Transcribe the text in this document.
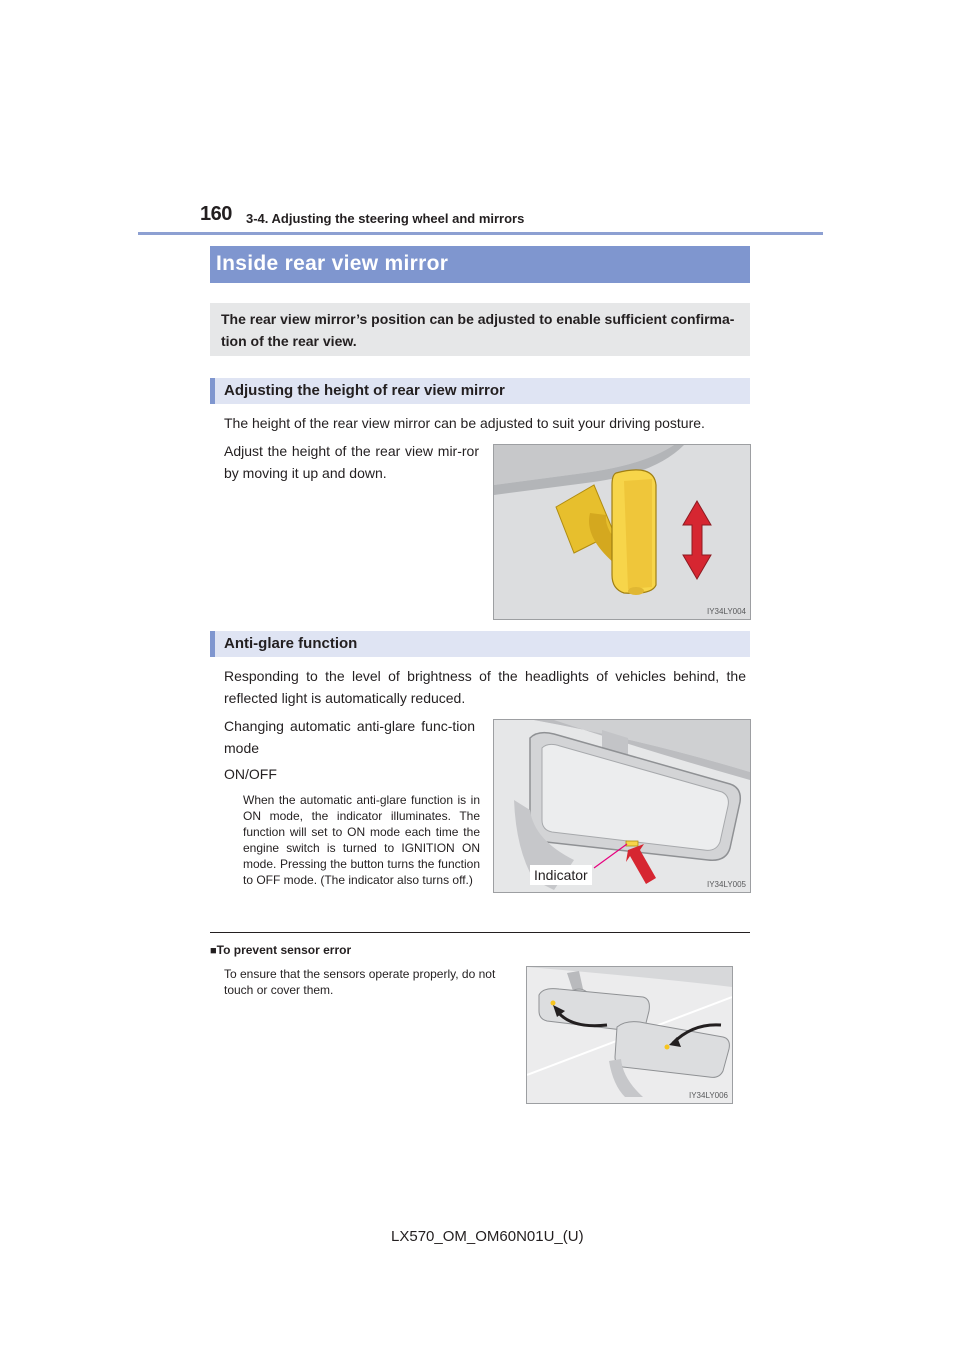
160 3-4. Adjusting the steering wheel and mirrors
Inside rear view mirror
The rear view mirror’s position can be adjusted to enable sufficient confirma-tion of the rear view.
Adjusting the height of rear view mirror
The height of the rear view mirror can be adjusted to suit your driving posture.
Adjust the height of the rear view mir-ror by moving it up and down.
IY34LY004
Anti-glare function
Responding to the level of brightness of the headlights of vehicles behind, the reflected light is automatically reduced.
Changing automatic anti-glare func-tion mode
ON/OFF
When the automatic anti-glare function is in ON mode, the indicator illuminates. The function will set to ON mode each time the engine switch is turned to IGNITION ON mode. Pressing the button turns the function to OFF mode. (The indicator also turns off.)	Indicator
IY34LY005
■To prevent sensor error
To ensure that the sensors operate properly, do not touch or cover them.
IY34LY006
LX570_OM_OM60N01U_(U)
